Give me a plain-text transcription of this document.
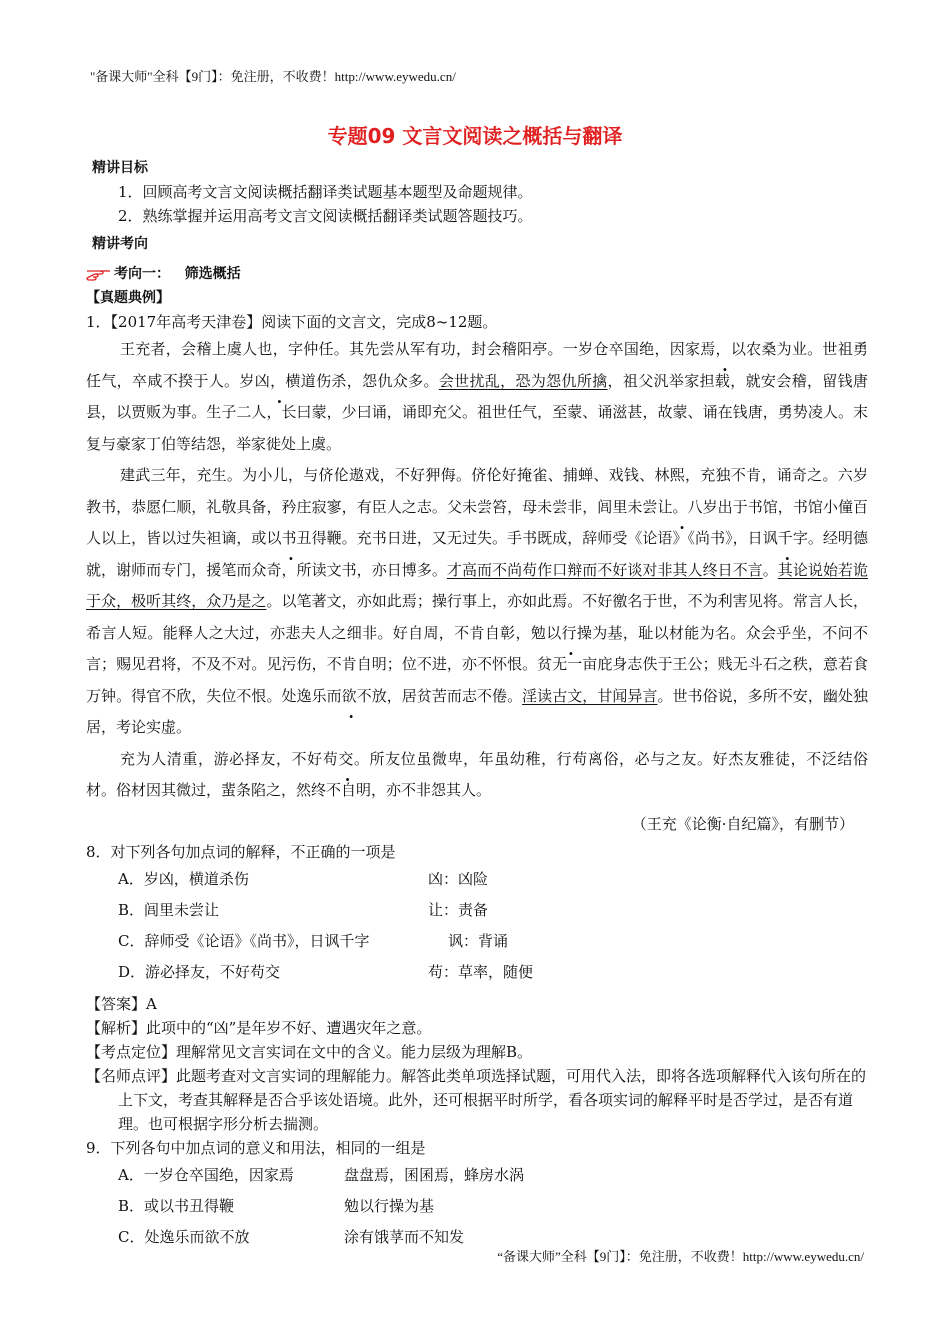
"备课大师"全科【9门】：免注册，不收费！http://www.eywedu.cn/
专题09 文言文阅读之概括与翻译
精讲目标
1．回顾高考文言文阅读概括翻译类试题基本题型及命题规律。
2．熟练掌握并运用高考文言文阅读概括翻译类试题答题技巧。
精讲考向
考向一： 筛选概括
【真题典例】
1．【2017年高考天津卷】阅读下面的文言文，完成8~12题。
王充者，会稽上虞人也，字仲任。其先尝从军有功，封会稽阳亭。一岁仓卒国绝，因家焉，以农桑为业。世祖勇任气，卒咸不揆于人。岁凶，横道伤杀，怨仇众多。会世扰乱，恐为怨仇所擒，祖父汎举家担载，就安会稽，留钱唐县，以贾贩为事。生子二人，长曰蒙，少曰诵，诵即充父。祖世任气，至蒙、诵滋甚，故蒙、诵在钱唐，勇势凌人。末复与豪家丁伯等结怨，举家徙处上虞。
建武三年，充生。为小儿，与侪伦遨戏，不好狎侮。侪伦好掩雀、捕蝉、戏钱、林熙，充独不肯，诵奇之。六岁教书，恭愿仁顺，礼敬具备，矜庄寂寥，有臣人之志。父未尝笞，母未尝非，闾里未尝让。八岁出于书馆，书馆小僮百人以上，皆以过失袒谪，或以书丑得鞭。充书日进，又无过失。手书既成，辞师受《论语》《尚书》，日讽千字。经明德就，谢师而专门，援笔而众奇，所读文书，亦日博多。才高而不尚苟作口辩而不好谈对非其人终日不言。其论说始若诡于众，极听其终，众乃是之。以笔著文，亦如此焉；操行事上，亦如此焉。不好徼名于世，不为利害见将。常言人长，希言人短。能释人之大过，亦悲夫人之细非。好自周，不肯自彰，勉以行操为基，耻以材能为名。众会乎坐，不问不言；赐见君将，不及不对。见污伤，不肯自明；位不进，亦不怀恨。贫无一亩庇身志佚于王公；贱无斗石之秩，意若食万钟。得官不欣，失位不恨。处逸乐而欲不放，居贫苦而志不倦。淫读古文，甘闻异言。世书俗说，多所不安，幽处独居，考论实虚。
充为人清重，游必择友，不好苟交。所友位虽微卑，年虽幼稚，行苟离俗，必与之友。好杰友雅徒，不泛结俗材。俗材因其微过，蜚条陷之，然终不自明，亦不非怨其人。
（王充《论衡·自纪篇》，有删节）
8．对下列各句加点词的解释，不正确的一项是
A．岁凶，横道杀伤	凶：凶险
B．闾里未尝让	让：责备
C．辞师受《论语》《尚书》，日讽千字	讽：背诵
D．游必择友，不好苟交	苟：草率，随便
【答案】A
【解析】此项中的“凶”是年岁不好、遭遇灾年之意。
【考点定位】理解常见文言实词在文中的含义。能力层级为理解B。
【名师点评】此题考查对文言实词的理解能力。解答此类单项选择试题，可用代入法，即将各选项解释代入该句所在的上下文，考查其解释是否合乎该处语境。此外，还可根据平时所学，看各项实词的解释平时是否学过，是否有道理。也可根据字形分析去揣测。
9．下列各句中加点词的意义和用法，相同的一组是
A．一岁仓卒国绝，因家焉	盘盘焉，囷囷焉，蜂房水涡
B．或以书丑得鞭	勉以行操为基
C．处逸乐而欲不放	涂有饿莩而不知发
“备课大师”全科【9门】：免注册，不收费！http://www.eywedu.cn/
